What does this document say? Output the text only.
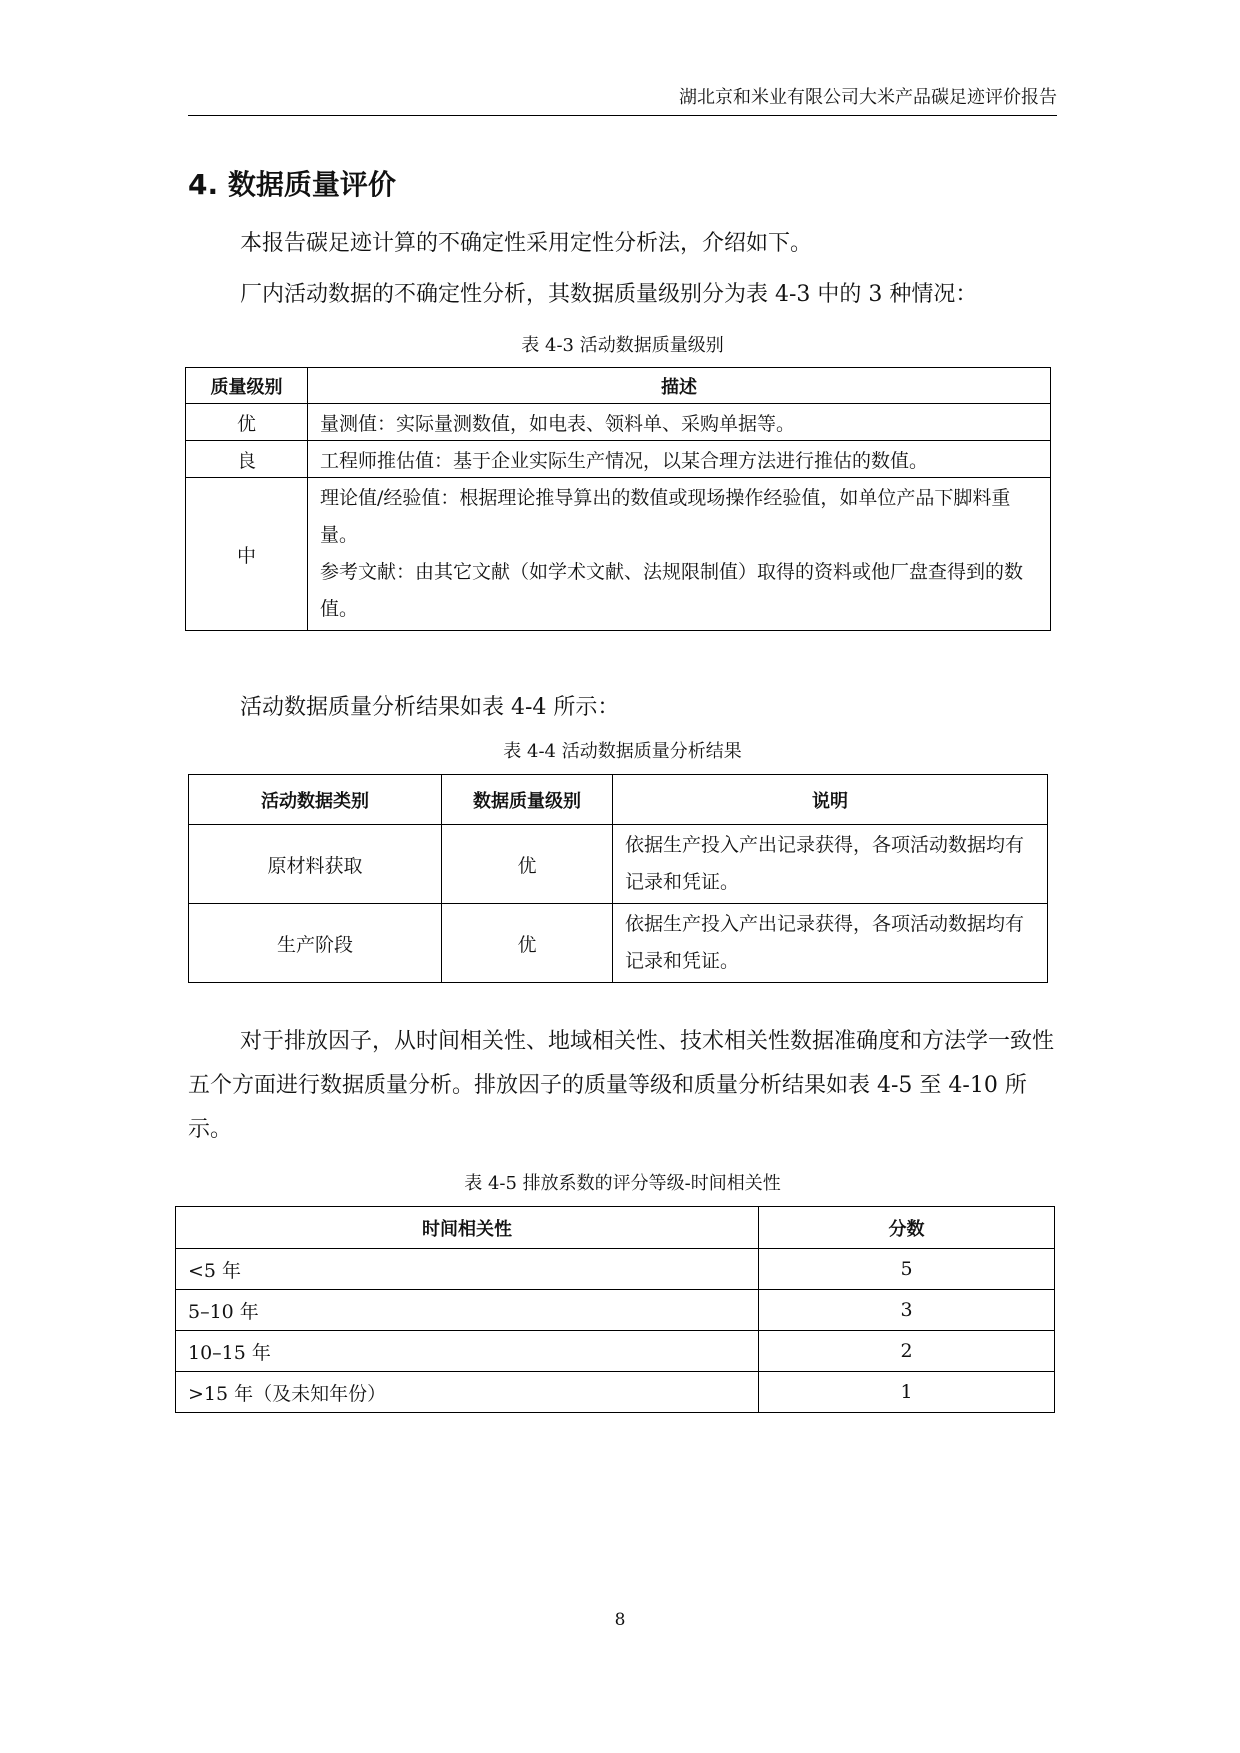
湖北京和米业有限公司大米产品碳足迹评价报告
4. 数据质量评价
本报告碳足迹计算的不确定性采用定性分析法，介绍如下。
厂内活动数据的不确定性分析，其数据质量级别分为表 4-3 中的 3 种情况：
表 4-3 活动数据质量级别
质量级别	描述
优	量测值：实际量测数值，如电表、领料单、采购单据等。
良	工程师推估值：基于企业实际生产情况，以某合理方法进行推估的数值。
中	理论值/经验值：根据理论推导算出的数值或现场操作经验值，如单位产品下脚料重量。
参考文献：由其它文献（如学术文献、法规限制值）取得的资料或他厂盘查得到的数值。
活动数据质量分析结果如表 4-4 所示：
表 4-4 活动数据质量分析结果
活动数据类别	数据质量级别	说明
原材料获取	优	依据生产投入产出记录获得，各项活动数据均有记录和凭证。
生产阶段	优	依据生产投入产出记录获得，各项活动数据均有记录和凭证。
对于排放因子，从时间相关性、地域相关性、技术相关性数据准确度和方法学一致性五个方面进行数据质量分析。排放因子的质量等级和质量分析结果如表 4-5 至 4-10 所示。
表 4-5 排放系数的评分等级-时间相关性
时间相关性	分数
<5 年	5
5–10 年	3
10–15 年	2
>15 年（及未知年份）	1
8
